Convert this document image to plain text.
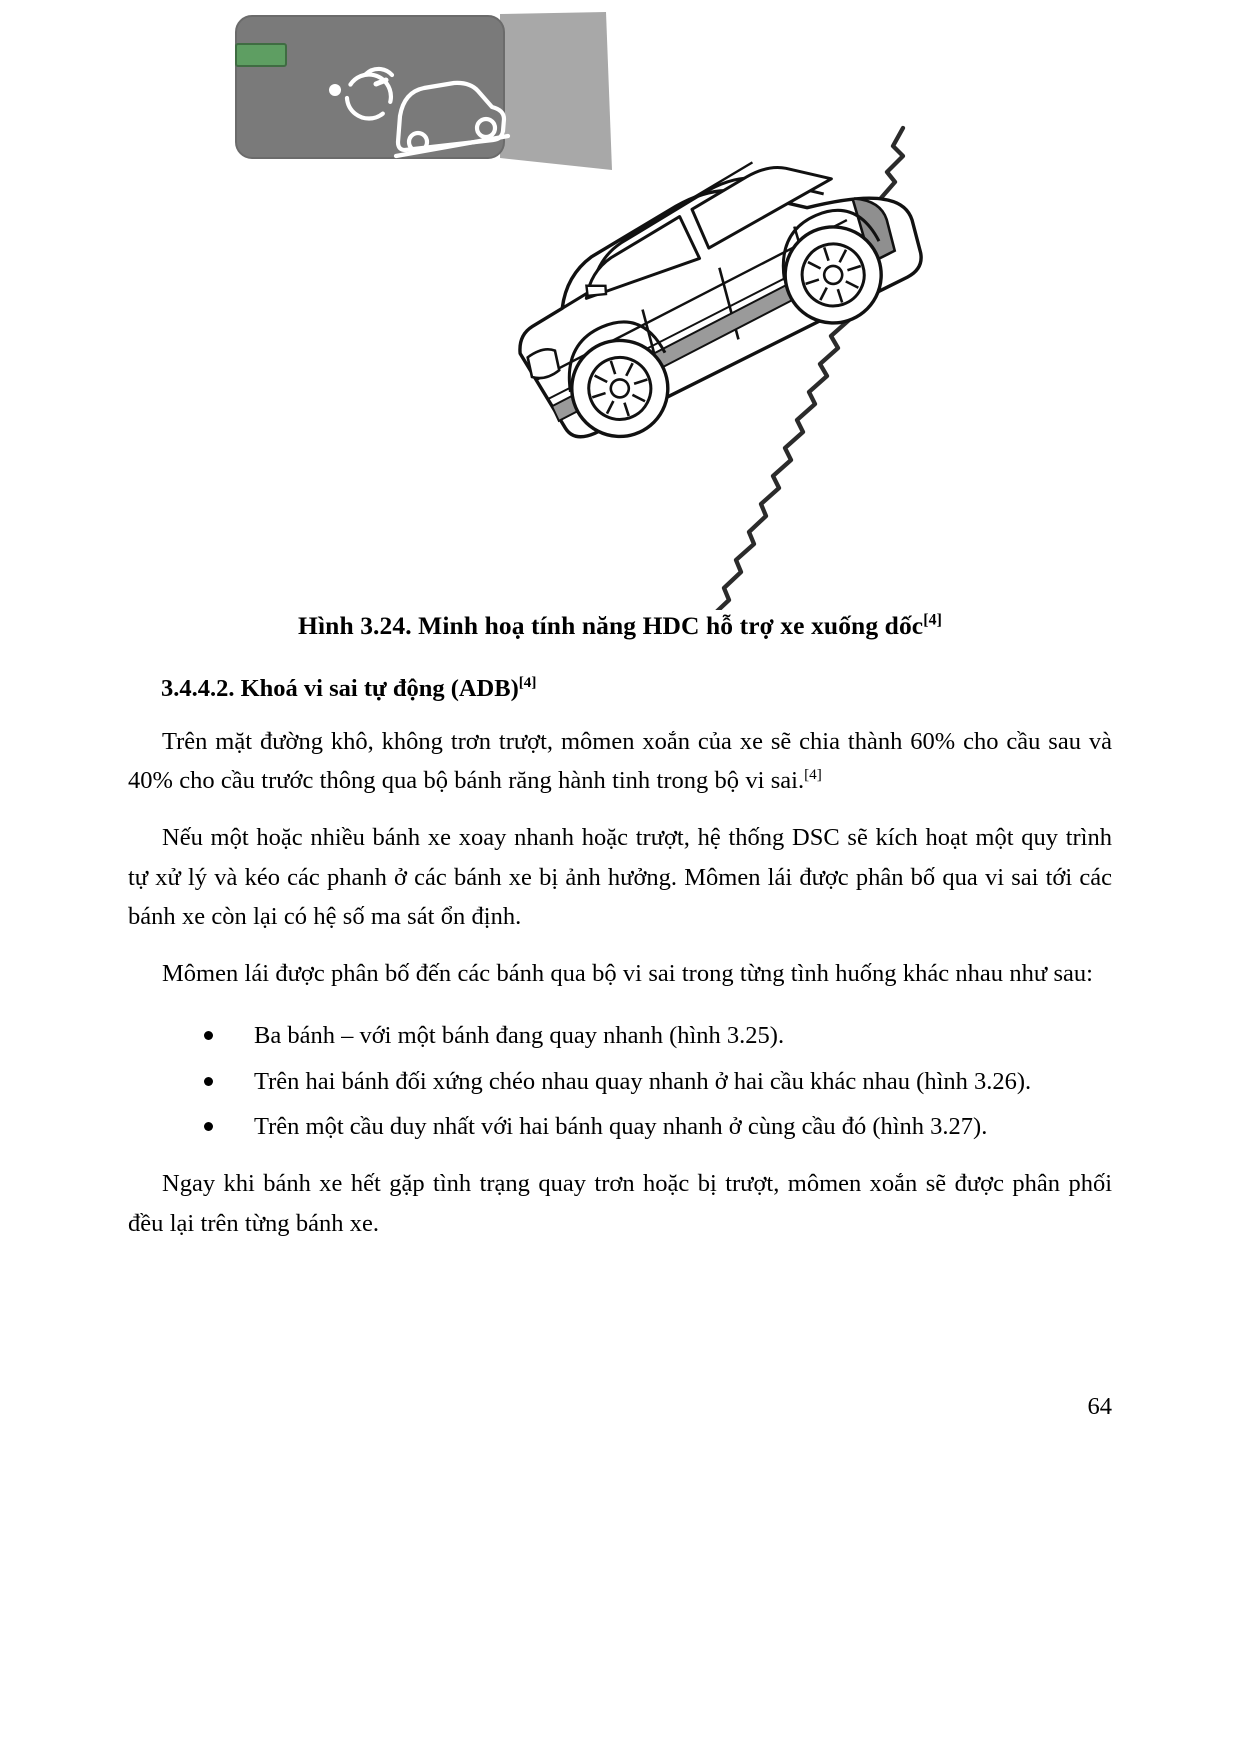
Hình 3.24. Minh hoạ tính năng HDC hỗ trợ xe xuống dốc[4]

3.4.4.2. Khoá vi sai tự động (ADB)[4]

Trên mặt đường khô, không trơn trượt, mômen xoắn của xe sẽ chia thành 60% cho cầu sau và 40% cho cầu trước thông qua bộ bánh răng hành tinh trong bộ vi sai.[4]

Nếu một hoặc nhiều bánh xe xoay nhanh hoặc trượt, hệ thống DSC sẽ kích hoạt một quy trình tự xử lý và kéo các phanh ở các bánh xe bị ảnh hưởng. Mômen lái được phân bố qua vi sai tới các bánh xe còn lại có hệ số ma sát ổn định.

Mômen lái được phân bố đến các bánh qua bộ vi sai trong từng tình huống khác nhau như sau:

Ba bánh – với một bánh đang quay nhanh (hình 3.25).
Trên hai bánh đối xứng chéo nhau quay nhanh ở hai cầu khác nhau (hình 3.26).
Trên một cầu duy nhất với hai bánh quay nhanh ở cùng cầu đó (hình 3.27).

Ngay khi bánh xe hết gặp tình trạng quay trơn hoặc bị trượt, mômen xoắn sẽ được phân phối đều lại trên từng bánh xe.

64
